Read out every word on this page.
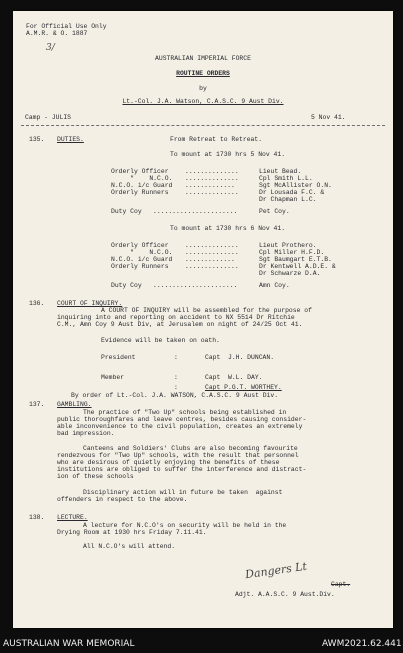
For Official Use Only
A.M.R. & O. 1887
3/
AUSTRALIAN IMPERIAL FORCE
ROUTINE ORDERS
by
Lt.-Col. J.A. Watson, C.A.S.C. 9 Aust Div.
Camp - JULIS	5 Nov 41.
135. DUTIES.	From Retreat to Retreat.
To mount at 1730 hrs 5 Nov 41.
Orderly Officer	..............	Lieut Bead.
"    N.C.O. ..............	Cpl Smith L.L.
N.C.O. i/c Guard .............	Sgt McAllister O.N.
Orderly Runners	..............	Dr Lousada F.C. &
Dr Chapman L.C.
Duty Coy ......................	Pet Coy.
To mount at 1730 hrs 6 Nov 41.
Orderly Officer	..............	Lieut Prothero.
"    N.C.O. ..............	Cpl Miller H.F.D.
N.C.O. i/c Guard .............	Sgt Baumgart E.T.B.
Orderly Runners	..............	Dr Kentwell A.D.E. &
Dr Schwarze D.A.
Duty Coy ......................	Amn Coy.
136. COURT OF INQUIRY.
A COURT OF INQUIRY will be assembled for the purpose of
inquiring into and reporting on accident to NX 5514 Dr Ritchie
C.M., Amn Coy 9 Aust Div, at Jerusalem on night of 24/25 Oct 41.
Evidence will be taken on oath.
President	:	Capt  J.H. DUNCAN.
Member	:	Capt  W.L. DAY.
:	Capt P.G.T. WORTHEY.
By order of Lt.-Col. J.A. WATSON, C.A.S.C. 9 Aust Div.
137. GAMBLING.
The practice of "Two Up" schools being established in
public thoroughfares and leave centres, besides causing consider-
able inconvenience to the civil population, creates an extremely
bad impression.
Canteens and Soldiers' Clubs are also becoming favourite
rendezvous for "Two Up" schools, with the result that personnel
who are desirous of quietly enjoying the benefits of these
institutions are obliged to suffer the interference and distract-
ion of these schools
Disciplinary action will in future be taken  against
offenders in respect to the above.
138. LECTURE.
A lecture for N.C.O's on security will be held in the
Drying Room at 1930 hrs Friday 7.11.41.
All N.C.O's will attend.
Dangers Lt
Capt.
Adjt. A.A.S.C. 9 Aust.Div.
AUSTRALIAN WAR MEMORIAL	AWM2021.62.441
